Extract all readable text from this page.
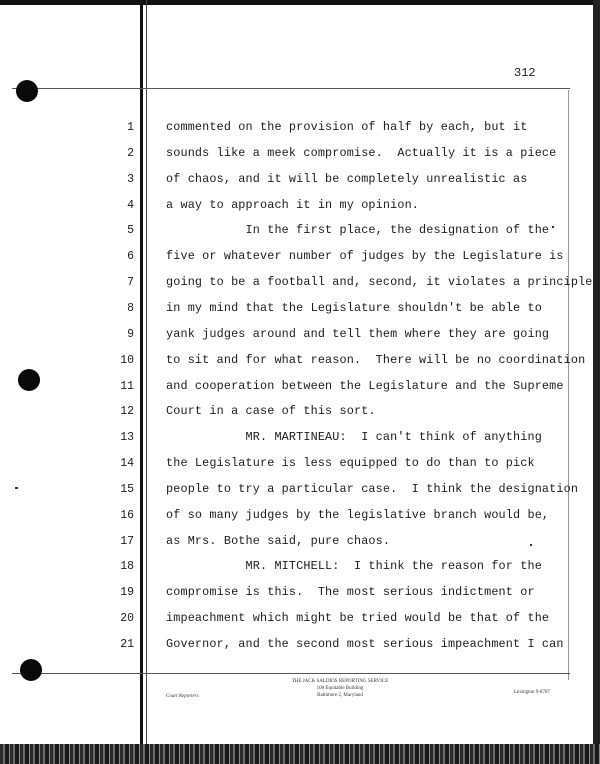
312
1	commented on the provision of half by each, but it
2	sounds like a meek compromise.  Actually it is a piece
3	of chaos, and it will be completely unrealistic as
4	a way to approach it in my opinion.
5	In the first place, the designation of the
6	five or whatever number of judges by the Legislature is
7	going to be a football and, second, it violates a principle
8	in my mind that the Legislature shouldn't be able to
9	yank judges around and tell them where they are going
10	to sit and for what reason.  There will be no coordination
11	and cooperation between the Legislature and the Supreme
12	Court in a case of this sort.
13	MR. MARTINEAU:  I can't think of anything
14	the Legislature is less equipped to do than to pick
15	people to try a particular case.  I think the designation
16	of so many judges by the legislative branch would be,
17	as Mrs. Bothe said, pure chaos.
18	MR. MITCHELL:  I think the reason for the
19	compromise is this.  The most serious indictment or
20	impeachment which might be tried would be that of the
21	Governor, and the second most serious impeachment I can
THE JACK SALDIOS REPORTING SERVICE
100 Equitable Building
Baltimore 2, Maryland
Court Reporters
Lexington 9-8787
